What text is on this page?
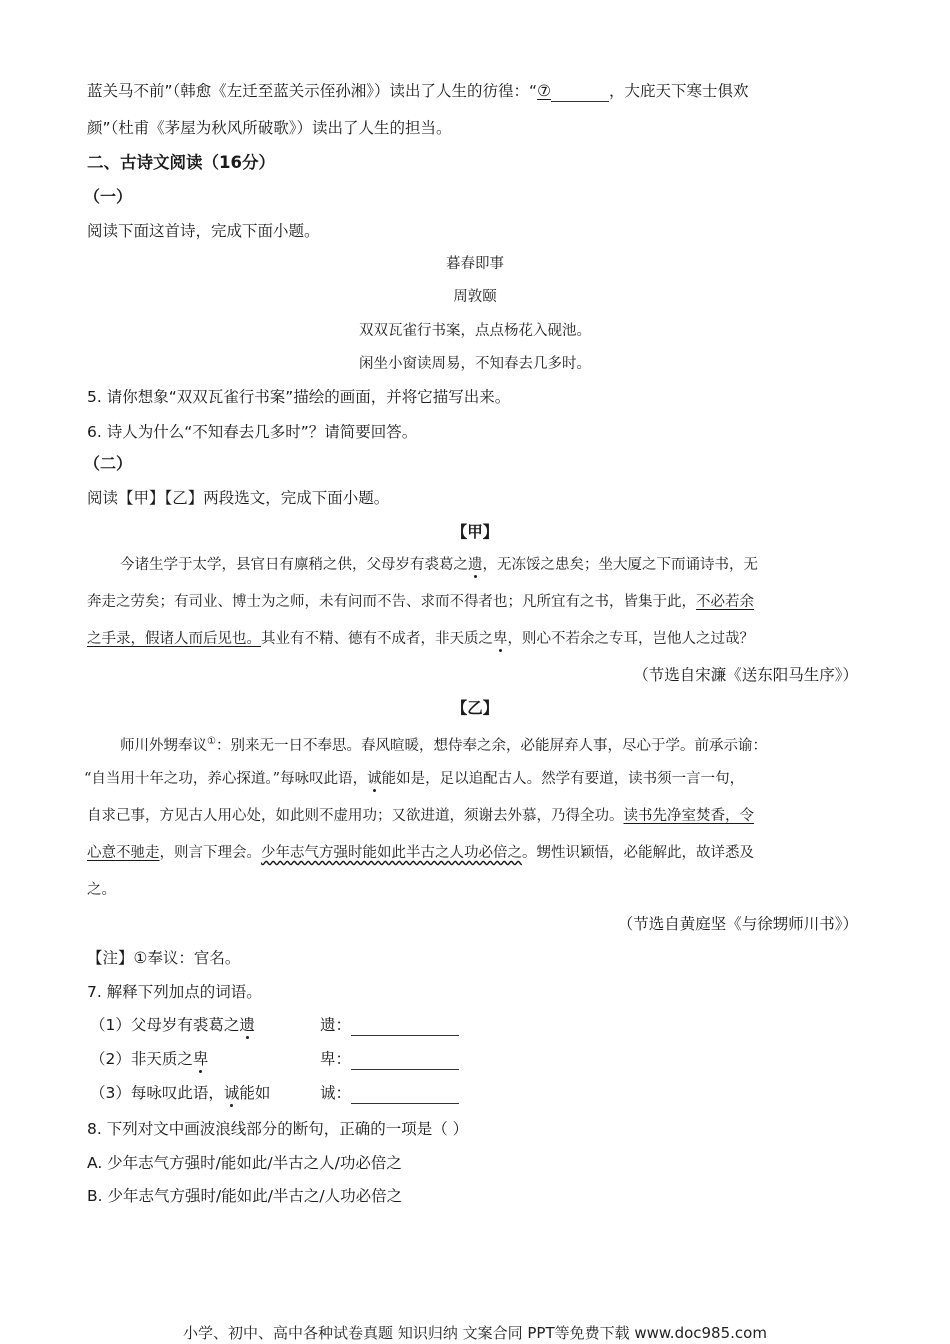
蓝关马不前”（韩愈《左迁至蓝关示侄孙湘》）读出了人生的彷徨：“⑦	，大庇天下寒士俱欢
颜”（杜甫《茅屋为秋风所破歌》）读出了人生的担当。
二、古诗文阅读（16分）
（一）
阅读下面这首诗，完成下面小题。
暮春即事
周敦颐
双双瓦雀行书案，点点杨花入砚池。
闲坐小窗读周易，不知春去几多时。
5. 请你想象“双双瓦雀行书案”描绘的画面，并将它描写出来。
6. 诗人为什么“不知春去几多时”？请简要回答。
（二）
阅读【甲】【乙】两段选文，完成下面小题。
【甲】
今诸生学于太学，县官日有廪稍之供，父母岁有裘葛之遗，无冻馁之患矣；坐大厦之下而诵诗书，无
奔走之劳矣；有司业、博士为之师，未有问而不告、求而不得者也；凡所宜有之书，皆集于此，不必若余
之手录，假诸人而后见也。其业有不精、德有不成者，非天质之卑，则心不若余之专耳，岂他人之过哉？
（节选自宋濂《送东阳马生序》）
【乙】
师川外甥奉议①：别来无一日不奉思。春风暄暖，想侍奉之余，必能屏弃人事，尽心于学。前承示谕：
“自当用十年之功，养心探道。”每咏叹此语，诚能如是，足以追配古人。然学有要道，读书须一言一句，
自求己事，方见古人用心处，如此则不虚用功；又欲进道，须谢去外慕，乃得全功。读书先净室焚香，令
心意不驰走，则言下理会。少年志气方强时能如此半古之人功必倍之。甥性识颖悟，必能解此，故详悉及
之。
（节选自黄庭坚《与徐甥师川书》）
【注】①奉议：官名。
7. 解释下列加点的词语。
（1）父母岁有裘葛之遗	遗：
（2）非天质之卑	卑：
（3）每咏叹此语，诚能如	诚：
8. 下列对文中画波浪线部分的断句，正确的一项是（ ）
A. 少年志气方强时/能如此/半古之人/功必倍之
B. 少年志气方强时/能如此/半古之/人功必倍之
小学、初中、高中各种试卷真题 知识归纳 文案合同 PPT等免费下载 www.doc985.com
